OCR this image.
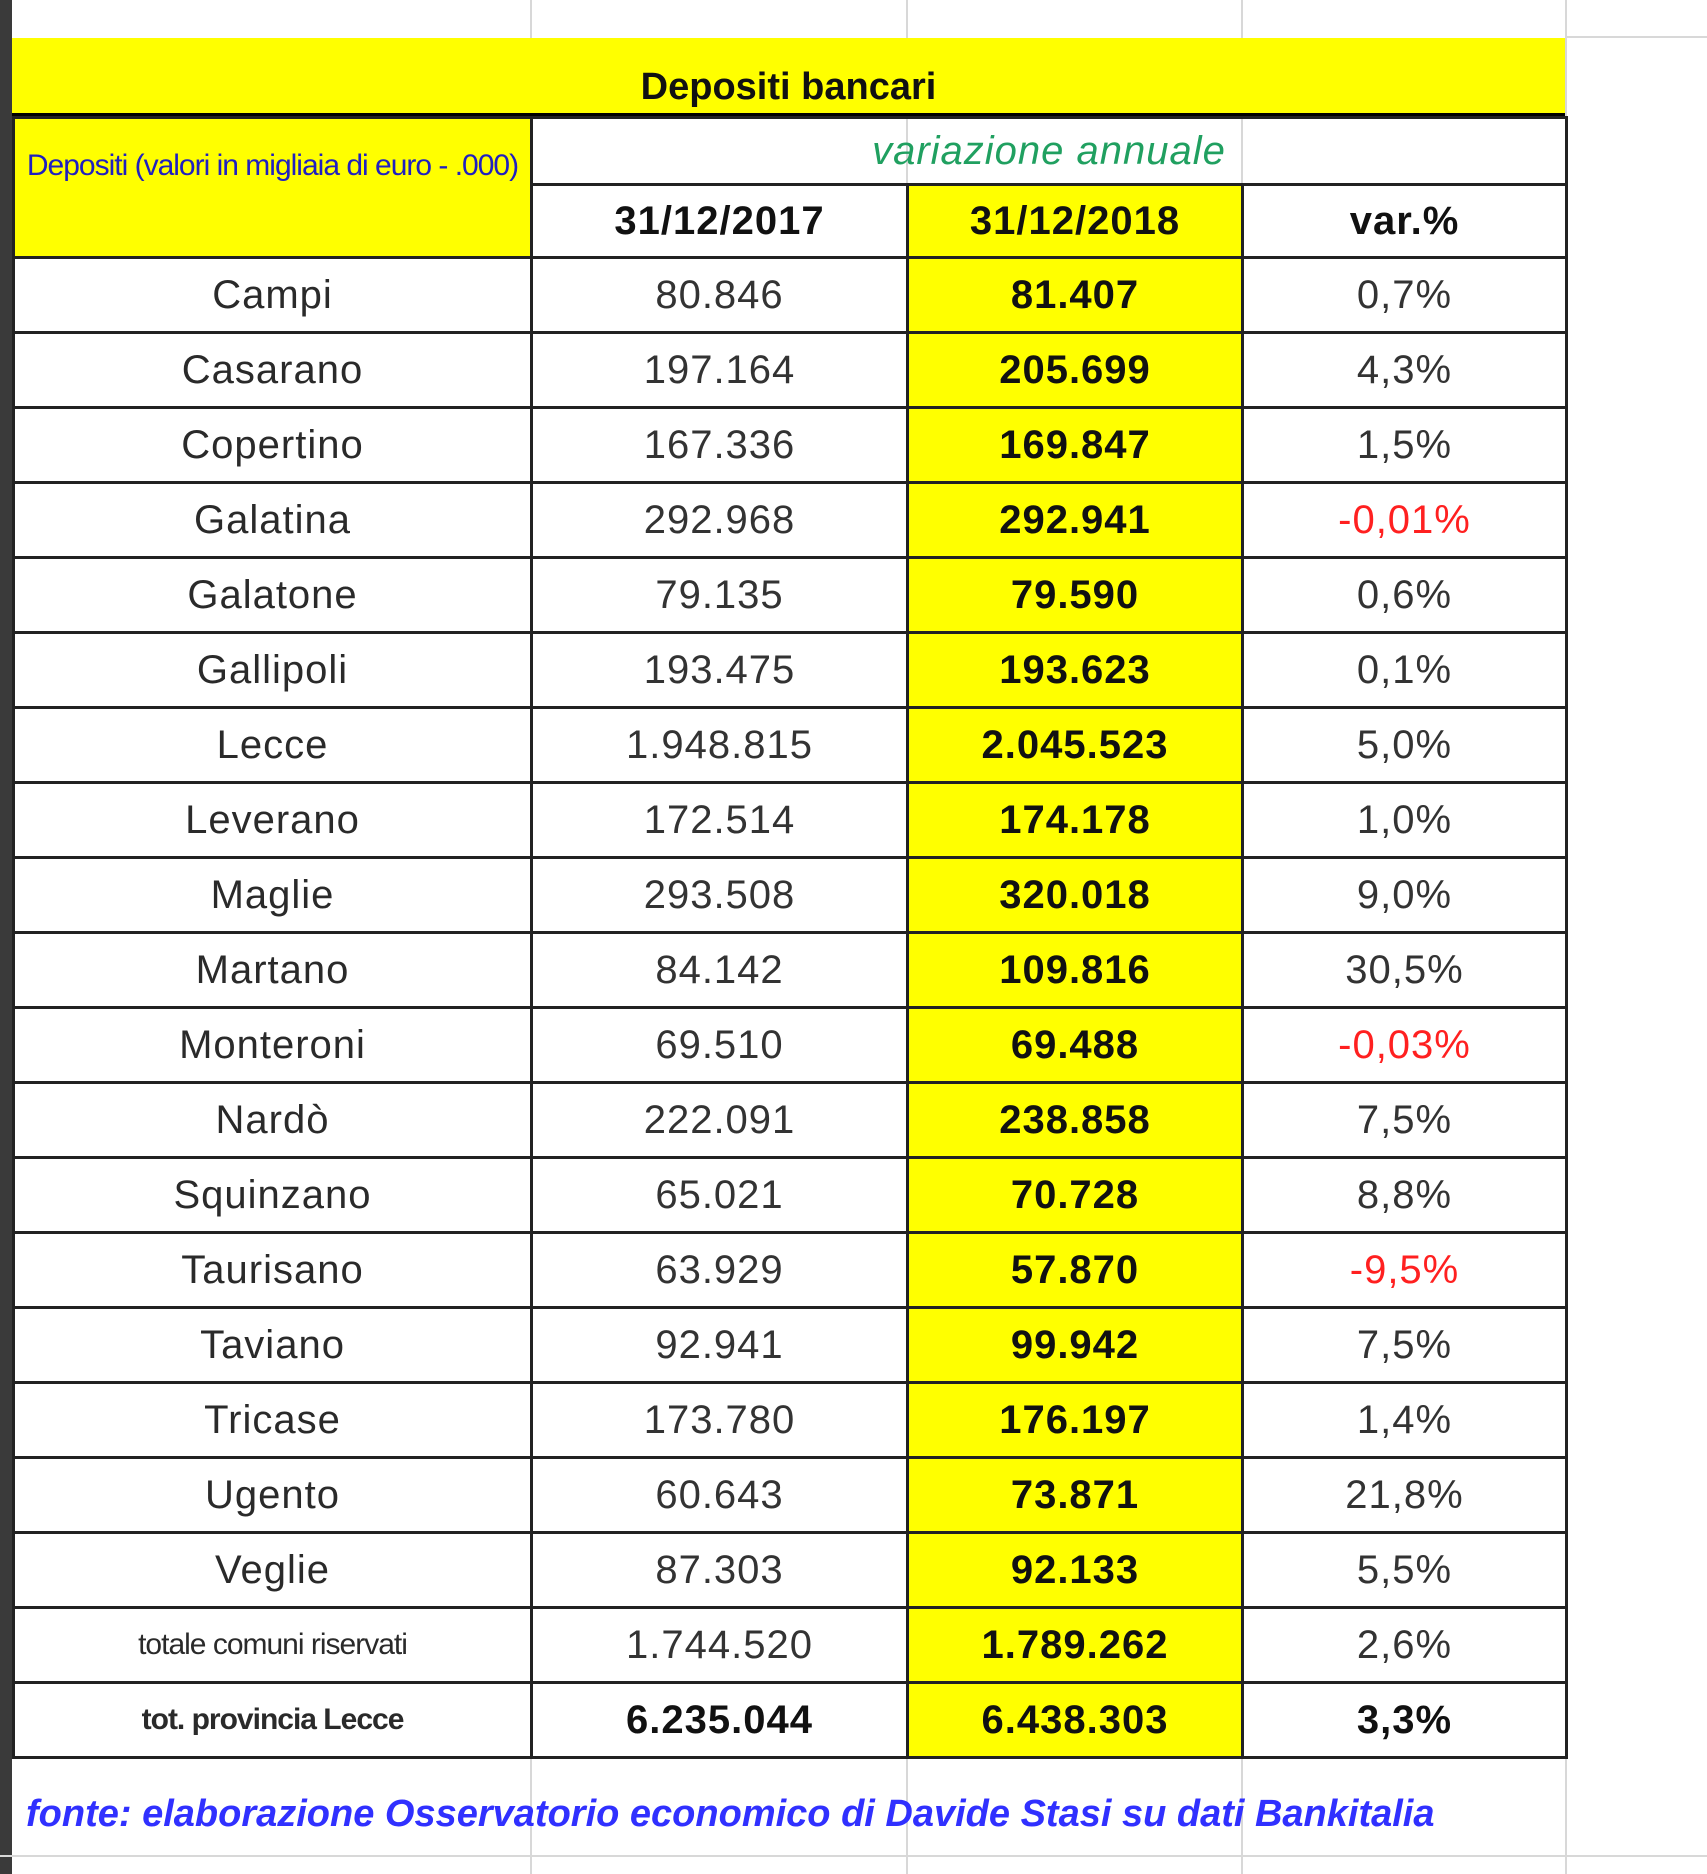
Depositi bancari
Depositi (valori in migliaia di euro - .000)	variazione annuale		
	31/12/2017	31/12/2018	var.%
Campi	80.846	81.407	0,7%
Casarano	197.164	205.699	4,3%
Copertino	167.336	169.847	1,5%
Galatina	292.968	292.941	-0,01%
Galatone	79.135	79.590	0,6%
Gallipoli	193.475	193.623	0,1%
Lecce	1.948.815	2.045.523	5,0%
Leverano	172.514	174.178	1,0%
Maglie	293.508	320.018	9,0%
Martano	84.142	109.816	30,5%
Monteroni	69.510	69.488	-0,03%
Nardò	222.091	238.858	7,5%
Squinzano	65.021	70.728	8,8%
Taurisano	63.929	57.870	-9,5%
Taviano	92.941	99.942	7,5%
Tricase	173.780	176.197	1,4%
Ugento	60.643	73.871	21,8%
Veglie	87.303	92.133	5,5%
totale comuni riservati	1.744.520	1.789.262	2,6%
tot. provincia Lecce	6.235.044	6.438.303	3,3%
fonte: elaborazione Osservatorio economico di Davide Stasi su dati Bankitalia
